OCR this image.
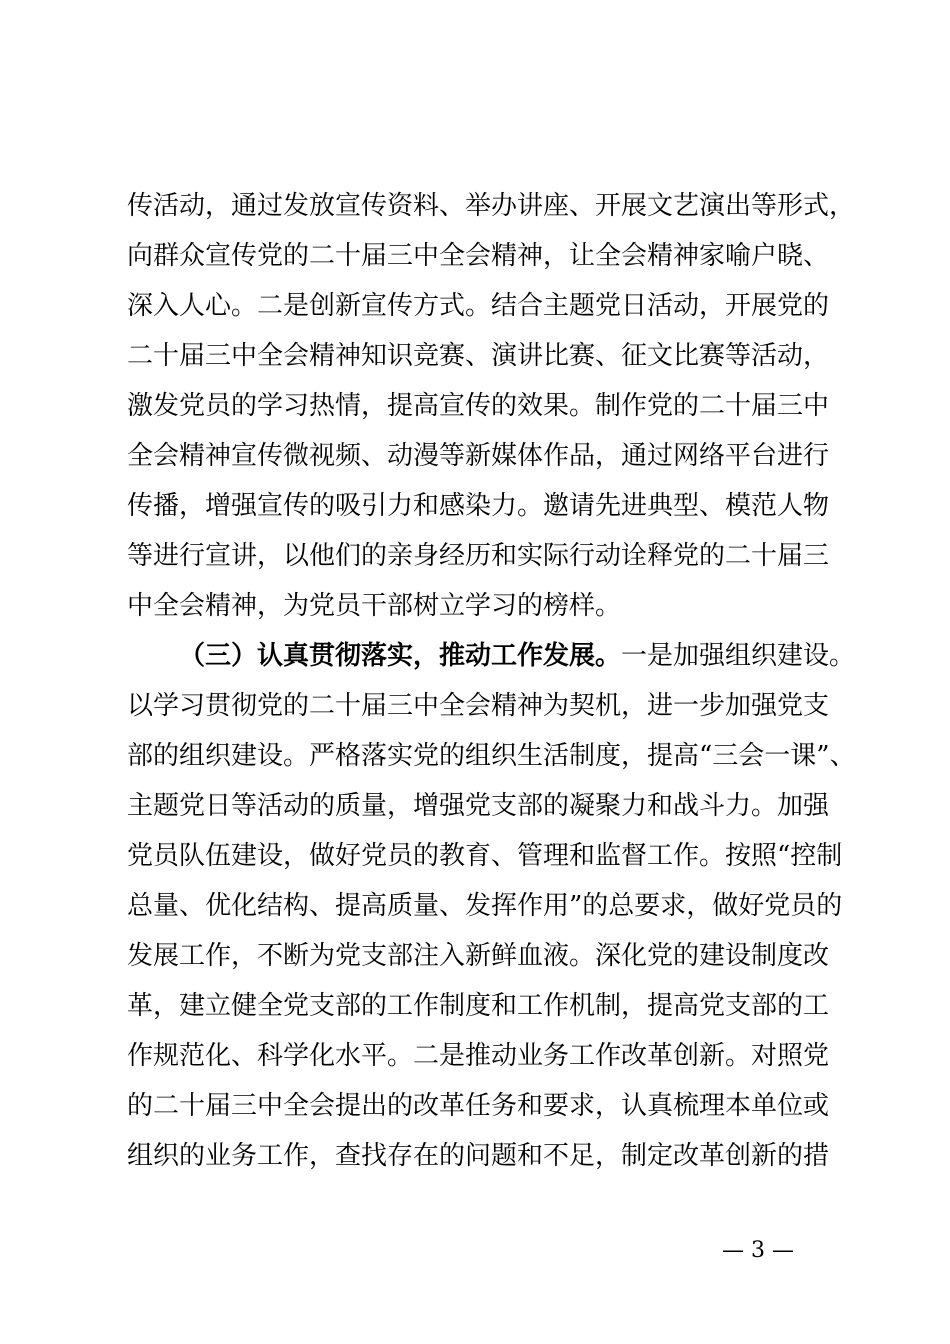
传活动，通过发放宣传资料、举办讲座、开展文艺演出等形式，
向群众宣传党的二十届三中全会精神，让全会精神家喻户晓、
深入人心。二是创新宣传方式。结合主题党日活动，开展党的
二十届三中全会精神知识竞赛、演讲比赛、征文比赛等活动，
激发党员的学习热情，提高宣传的效果。制作党的二十届三中
全会精神宣传微视频、动漫等新媒体作品，通过网络平台进行
传播，增强宣传的吸引力和感染力。邀请先进典型、模范人物
等进行宣讲，以他们的亲身经历和实际行动诠释党的二十届三
中全会精神，为党员干部树立学习的榜样。
（三）认真贯彻落实，推动工作发展。一是加强组织建设。
以学习贯彻党的二十届三中全会精神为契机，进一步加强党支
部的组织建设。严格落实党的组织生活制度，提高“三会一课”、
主题党日等活动的质量，增强党支部的凝聚力和战斗力。加强
党员队伍建设，做好党员的教育、管理和监督工作。按照“控制
总量、优化结构、提高质量、发挥作用”的总要求，做好党员的
发展工作，不断为党支部注入新鲜血液。深化党的建设制度改
革，建立健全党支部的工作制度和工作机制，提高党支部的工
作规范化、科学化水平。二是推动业务工作改革创新。对照党
的二十届三中全会提出的改革任务和要求，认真梳理本单位或
组织的业务工作，查找存在的问题和不足，制定改革创新的措
— 3 —
